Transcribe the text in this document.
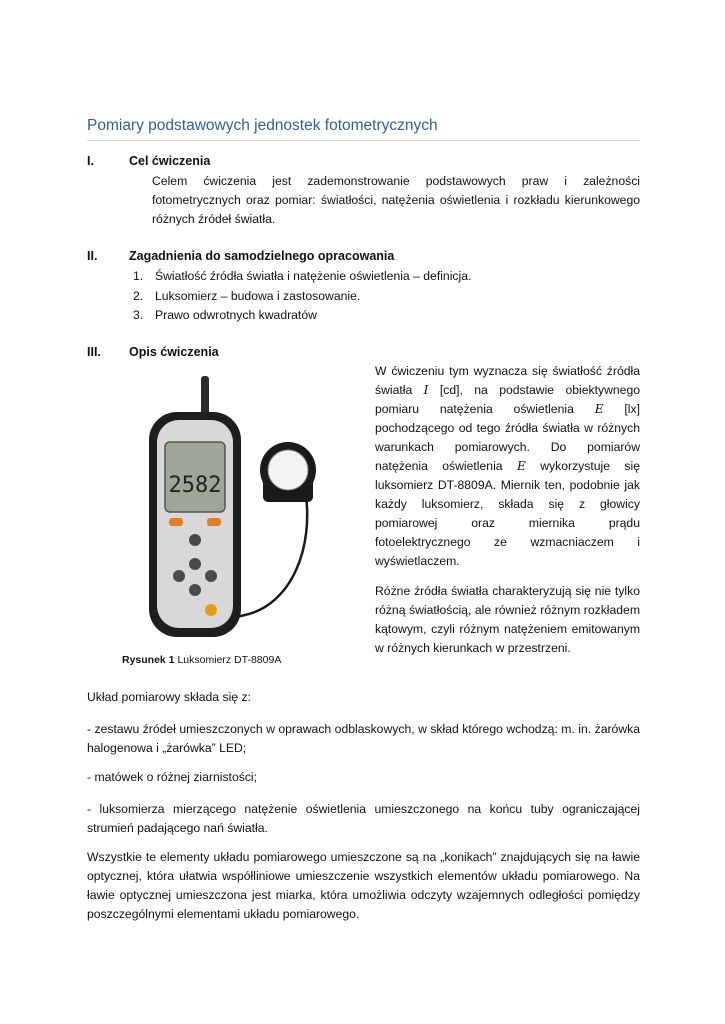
Pomiary podstawowych jednostek fotometrycznych
I.	Cel ćwiczenia
Celem ćwiczenia jest zademonstrowanie podstawowych praw i zależności fotometrycznych oraz pomiar: światłości, natężenia oświetlenia i rozkładu kierunkowego różnych źródeł światła.
II.	Zagadnienia do samodzielnego opracowania
1. Światłość źródła światła i natężenie oświetlenia – definicja.
2. Luksomierz – budowa i zastosowanie.
3. Prawo odwrotnych kwadratów
III. Opis ćwiczenia
W ćwiczeniu tym wyznacza się światłość źródła światła I [cd], na podstawie obiektywnego pomiaru natężenia oświetlenia E [lx] pochodzącego od tego źródła światła w różnych warunkach pomiarowych. Do pomiarów natężenia oświetlenia E wykorzystuje się luksomierz DT-8809A. Miernik ten, podobnie jak każdy luksomierz, składa się z głowicy pomiarowej oraz miernika prądu fotoelektrycznego ze wzmacniaczem i wyświetlaczem.
Różne źródła światła charakteryzują się nie tylko różną światłością, ale również różnym rozkładem kątowym, czyli różnym natężeniem emitowanym w różnych kierunkach w przestrzeni.
2582
Rysunek 1 Luksomierz DT-8809A
Układ pomiarowy składa się z:
- zestawu źródeł umieszczonych w oprawach odblaskowych, w skład którego wchodzą: m. in. żarówka halogenowa i „żarówka” LED;
- matówek o różnej ziarnistości;
- luksomierza mierzącego natężenie oświetlenia umieszczonego na końcu tuby ograniczającej strumień padającego nań światła.
Wszystkie te elementy układu pomiarowego umieszczone są na „konikach” znajdujących się na ławie optycznej, która ułatwia współliniowe umieszczenie wszystkich elementów układu pomiarowego. Na ławie optycznej umieszczona jest miarka, która umożliwia odczyty wzajemnych odległości pomiędzy poszczególnymi elementami układu pomiarowego.
